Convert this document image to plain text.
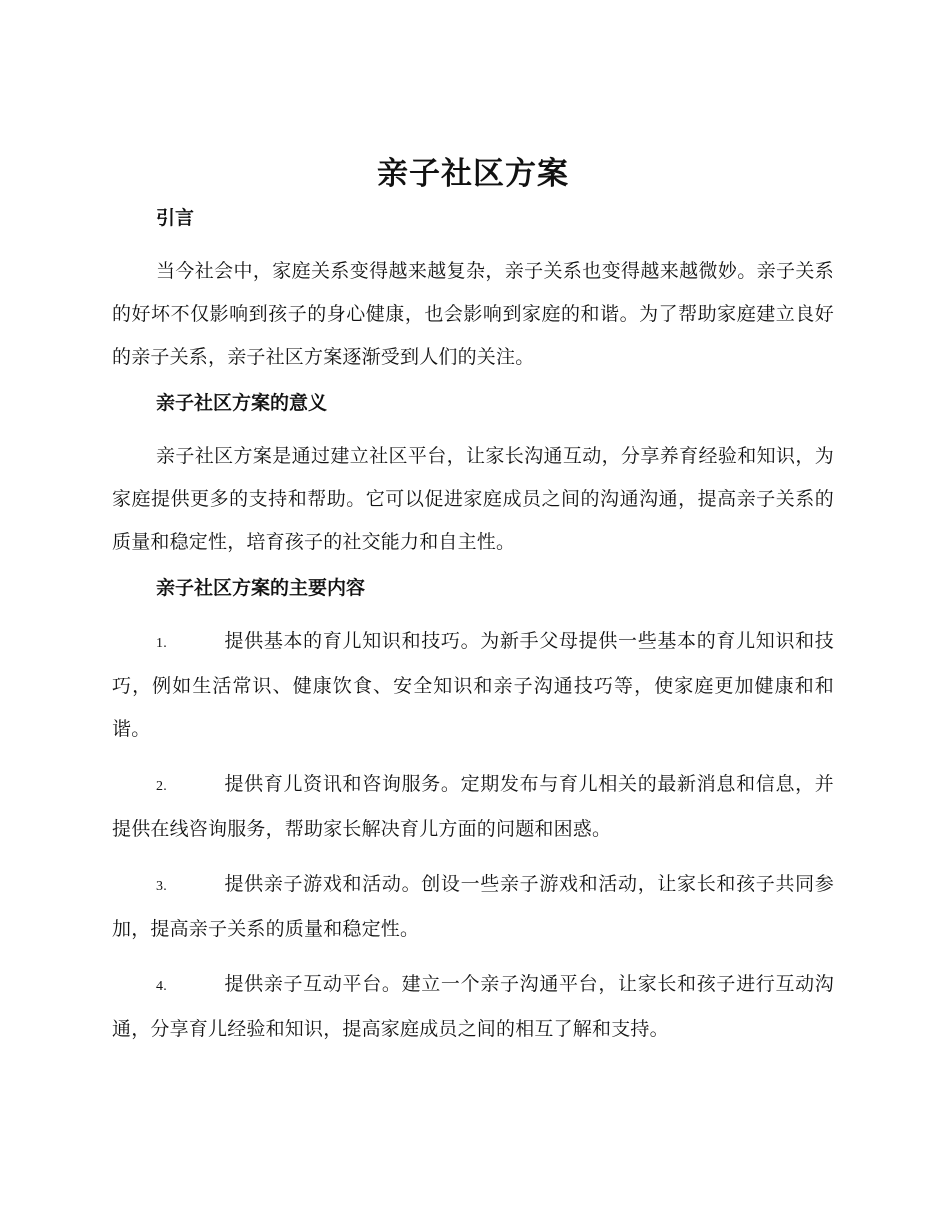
亲子社区方案
引言

当今社会中，家庭关系变得越来越复杂，亲子关系也变得越来越微妙。亲子关系的好坏不仅影响到孩子的身心健康，也会影响到家庭的和谐。为了帮助家庭建立良好的亲子关系，亲子社区方案逐渐受到人们的关注。

亲子社区方案的意义

亲子社区方案是通过建立社区平台，让家长沟通互动，分享养育经验和知识，为家庭提供更多的支持和帮助。它可以促进家庭成员之间的沟通沟通，提高亲子关系的质量和稳定性，培育孩子的社交能力和自主性。

亲子社区方案的主要内容

1.	提供基本的育儿知识和技巧。为新手父母提供一些基本的育儿知识和技巧，例如生活常识、健康饮食、安全知识和亲子沟通技巧等，使家庭更加健康和和谐。

2.	提供育儿资讯和咨询服务。定期发布与育儿相关的最新消息和信息，并提供在线咨询服务，帮助家长解决育儿方面的问题和困惑。

3.	提供亲子游戏和活动。创设一些亲子游戏和活动，让家长和孩子共同参加，提高亲子关系的质量和稳定性。

4.	提供亲子互动平台。建立一个亲子沟通平台，让家长和孩子进行互动沟通，分享育儿经验和知识，提高家庭成员之间的相互了解和支持。
